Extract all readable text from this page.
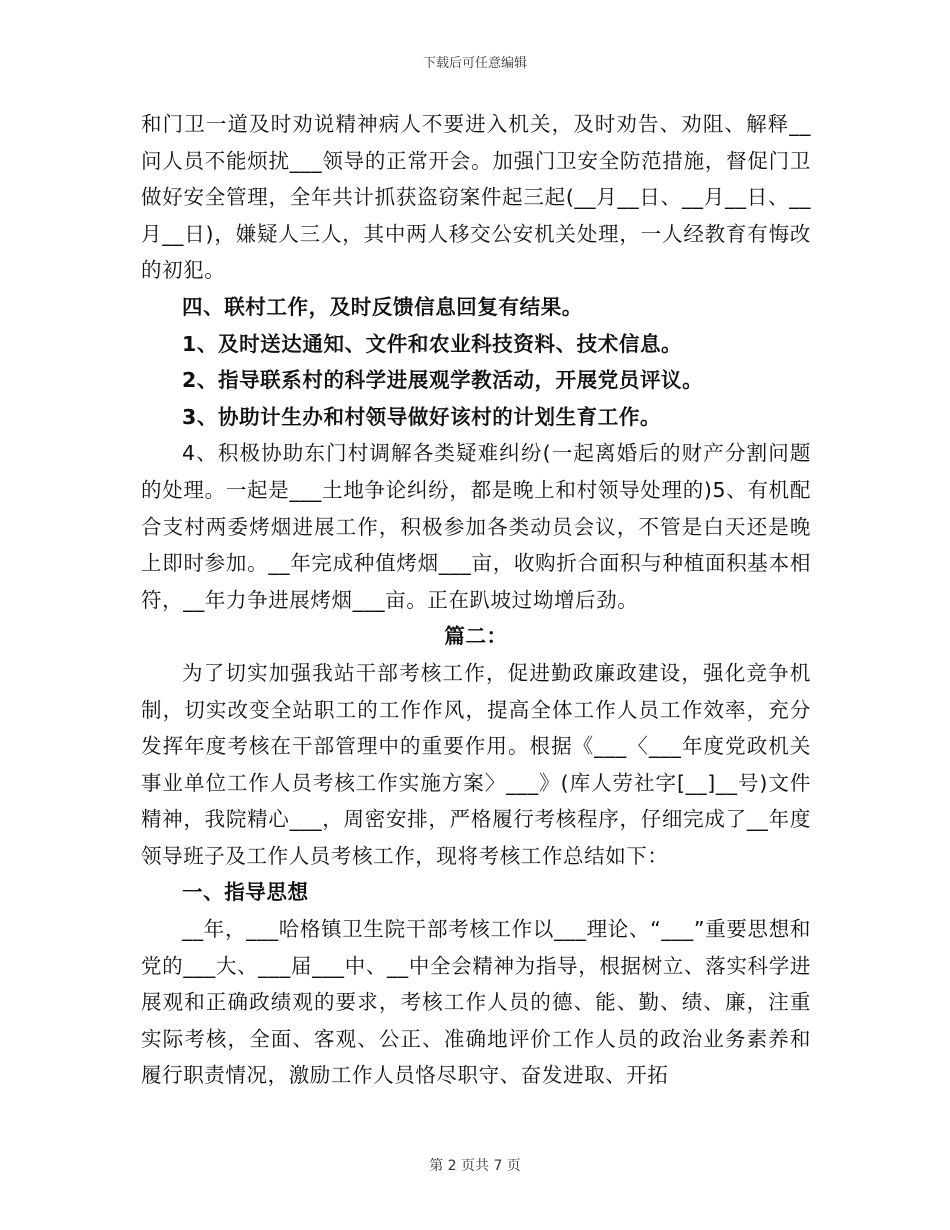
下载后可任意编辑

和门卫一道及时劝说精神病人不要进入机关，及时劝告、劝阻、解释__问人员不能烦扰___领导的正常开会。加强门卫安全防范措施，督促门卫做好安全管理，全年共计抓获盗窃案件起三起(__月__日、__月__日、__月__日)，嫌疑人三人，其中两人移交公安机关处理，一人经教育有悔改的初犯。

四、联村工作，及时反馈信息回复有结果。

1、及时送达通知、文件和农业科技资料、技术信息。

2、指导联系村的科学进展观学教活动，开展党员评议。

3、协助计生办和村领导做好该村的计划生育工作。

4、积极协助东门村调解各类疑难纠纷(一起离婚后的财产分割问题的处理。一起是___土地争论纠纷，都是晚上和村领导处理的)5、有机配合支村两委烤烟进展工作，积极参加各类动员会议，不管是白天还是晚上即时参加。__年完成种值烤烟___亩，收购折合面积与种植面积基本相符，__年力争进展烤烟___亩。正在趴坡过坳增后劲。

篇二：

为了切实加强我站干部考核工作，促进勤政廉政建设，强化竞争机制，切实改变全站职工的工作作风，提高全体工作人员工作效率，充分发挥年度考核在干部管理中的重要作用。根据《___〈___年度党政机关事业单位工作人员考核工作实施方案〉___》(库人劳社字[__]__号)文件精神，我院精心___，周密安排，严格履行考核程序，仔细完成了__年度领导班子及工作人员考核工作，现将考核工作总结如下：

一、指导思想

__年，___哈格镇卫生院干部考核工作以___理论、“___”重要思想和党的___大、___届___中、__中全会精神为指导，根据树立、落实科学进展观和正确政绩观的要求，考核工作人员的德、能、勤、绩、廉，注重实际考核，全面、客观、公正、准确地评价工作人员的政治业务素养和履行职责情况，激励工作人员恪尽职守、奋发进取、开拓

第 2 页共 7 页
